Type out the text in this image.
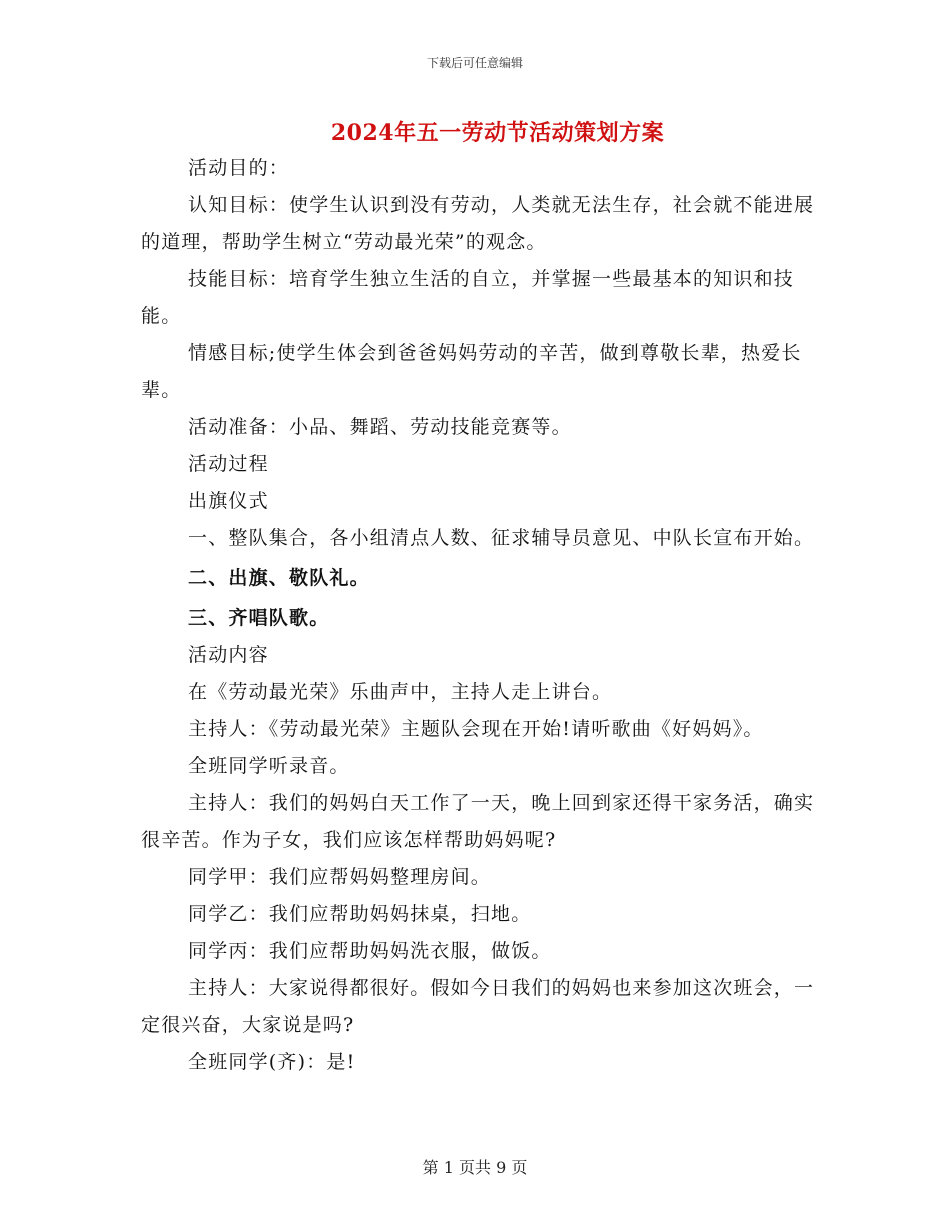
下载后可任意编辑
2024年五一劳动节活动策划方案

活动目的：

认知目标：使学生认识到没有劳动，人类就无法生存，社会就不能进展的道理，帮助学生树立“劳动最光荣”的观念。

技能目标：培育学生独立生活的自立，并掌握一些最基本的知识和技能。

情感目标;使学生体会到爸爸妈妈劳动的辛苦，做到尊敬长辈，热爱长辈。

活动准备：小品、舞蹈、劳动技能竞赛等。

活动过程

出旗仪式

一、整队集合，各小组清点人数、征求辅导员意见、中队长宣布开始。

二、出旗、敬队礼。

三、齐唱队歌。

活动内容

在《劳动最光荣》乐曲声中，主持人走上讲台。

主持人：《劳动最光荣》主题队会现在开始!请听歌曲《好妈妈》。

全班同学听录音。

主持人：我们的妈妈白天工作了一天，晚上回到家还得干家务活，确实很辛苦。作为子女，我们应该怎样帮助妈妈呢?

同学甲：我们应帮妈妈整理房间。

同学乙：我们应帮助妈妈抹桌，扫地。

同学丙：我们应帮助妈妈洗衣服，做饭。

主持人：大家说得都很好。假如今日我们的妈妈也来参加这次班会，一定很兴奋，大家说是吗?

全班同学(齐)：是!

第 1 页共 9 页
